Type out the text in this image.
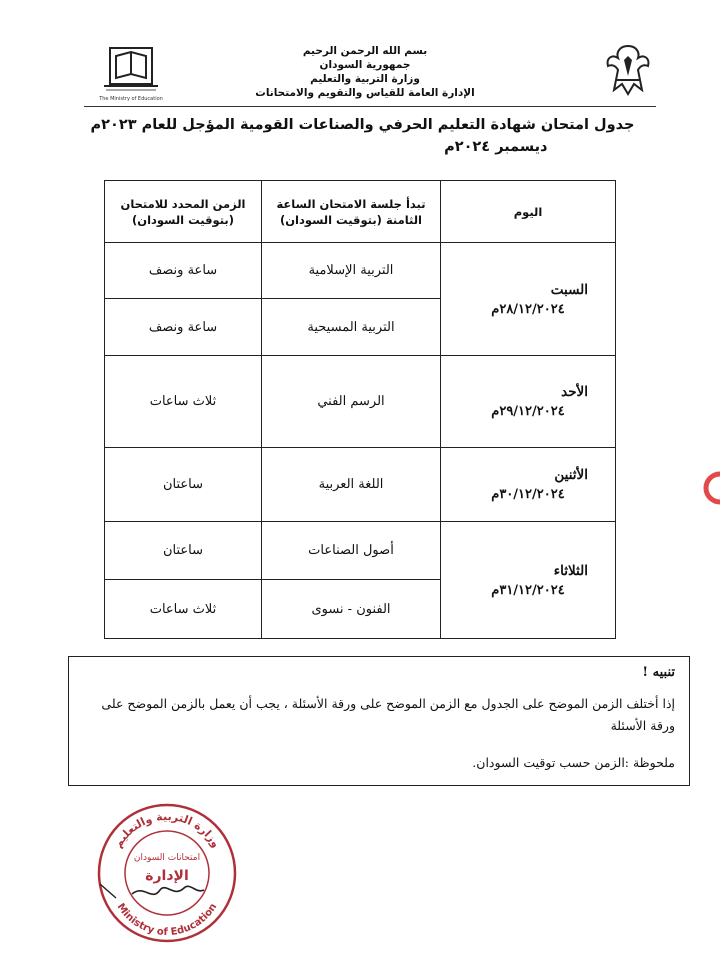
The Ministry of Education
بسم الله الرحمن الرحيم
جمهورية السودان
وزارة التربية والتعليم
الإدارة العامة للقياس والتقويم والامتحانات
جدول امتحان شهادة التعليم الحرفي والصناعات القومية المؤجل للعام ٢٠٢٣م
ديسمبر ٢٠٢٤م
اليوم	تبدأ جلسة الامتحان الساعة الثامنة (بتوقيت السودان)	الزمن المحدد للامتحان (بتوقيت السودان)

السبت
٢٨/١٢/٢٠٢٤م	التربية الإسلامية	ساعة ونصف
	التربية المسيحية	ساعة ونصف

الأحد
٢٩/١٢/٢٠٢٤م	الرسم الفني	ثلاث ساعات

الأثنين
٣٠/١٢/٢٠٢٤م	اللغة العربية	ساعتان

الثلاثاء
٣١/١٢/٢٠٢٤م	أصول الصناعات	ساعتان
	الفنون - نسوى	ثلاث ساعات
تنبيه !
إذا أختلف الزمن الموضح على الجدول مع الزمن الموضح على ورقة الأسئلة ، يجب أن يعمل بالزمن الموضح على ورقة الأسئلة
ملحوظة :الزمن حسب توقيت السودان.
وزارة التربية والتعليم
Ministry of Education
امتحانات السودان
الإدارة
